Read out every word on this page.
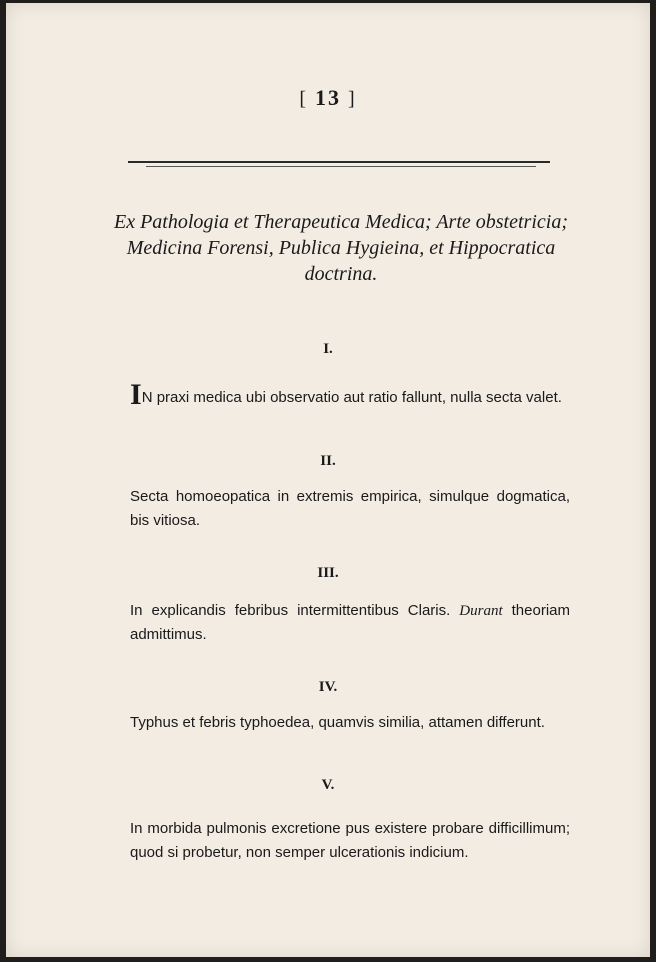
[ 13 ]
Ex Pathologia et Therapeutica Medica; Arte obstetricia; Medicina Forensi, Publica Hygieina, et Hippocratica doctrina.
I.
IN praxi medica ubi observatio aut ratio fallunt, nulla secta valet.
II.
Secta homoeopatica in extremis empirica, simulque dogmatica, bis vitiosa.
III.
In explicandis febribus intermittentibus Claris. Durant theoriam admittimus.
IV.
Typhus et febris typhoedea, quamvis similia, attamen differunt.
V.
In morbida pulmonis excretione pus existere probare difficillimum; quod si probetur, non semper ulcerationis indicium.
